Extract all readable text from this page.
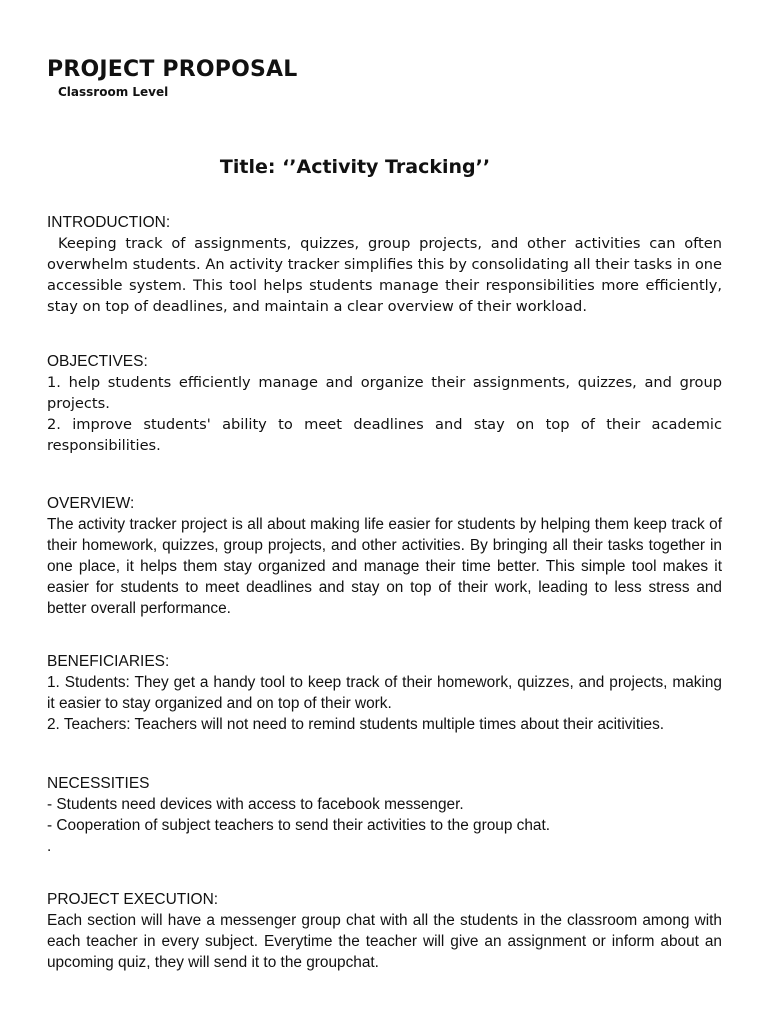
PROJECT PROPOSAL
Classroom Level
Title: ‘’Activity Tracking’’

INTRODUCTION:

Keeping track of assignments, quizzes, group projects, and other activities can often overwhelm students. An activity tracker simplifies this by consolidating all their tasks in one accessible system. This tool helps students manage their responsibilities more efficiently, stay on top of deadlines, and maintain a clear overview of their workload.

OBJECTIVES:

1. help students efficiently manage and organize their assignments, quizzes, and group projects.

2. improve students' ability to meet deadlines and stay on top of their academic responsibilities.

OVERVIEW:

The activity tracker project is all about making life easier for students by helping them keep track of their homework, quizzes, group projects, and other activities. By bringing all their tasks together in one place, it helps them stay organized and manage their time better. This simple tool makes it easier for students to meet deadlines and stay on top of their work, leading to less stress and better overall performance.

BENEFICIARIES:

1. Students: They get a handy tool to keep track of their homework, quizzes, and projects, making it easier to stay organized and on top of their work.

2. Teachers: Teachers will not need to remind students multiple times about their acitivities.

NECESSITIES

- Students need devices with access to facebook messenger.

- Cooperation of subject teachers to send their activities to the group chat.

.

PROJECT EXECUTION:

Each section will have a messenger group chat with all the students in the classroom among with each teacher in every subject. Everytime the teacher will give an assignment or inform about an upcoming quiz, they will send it to the groupchat.
